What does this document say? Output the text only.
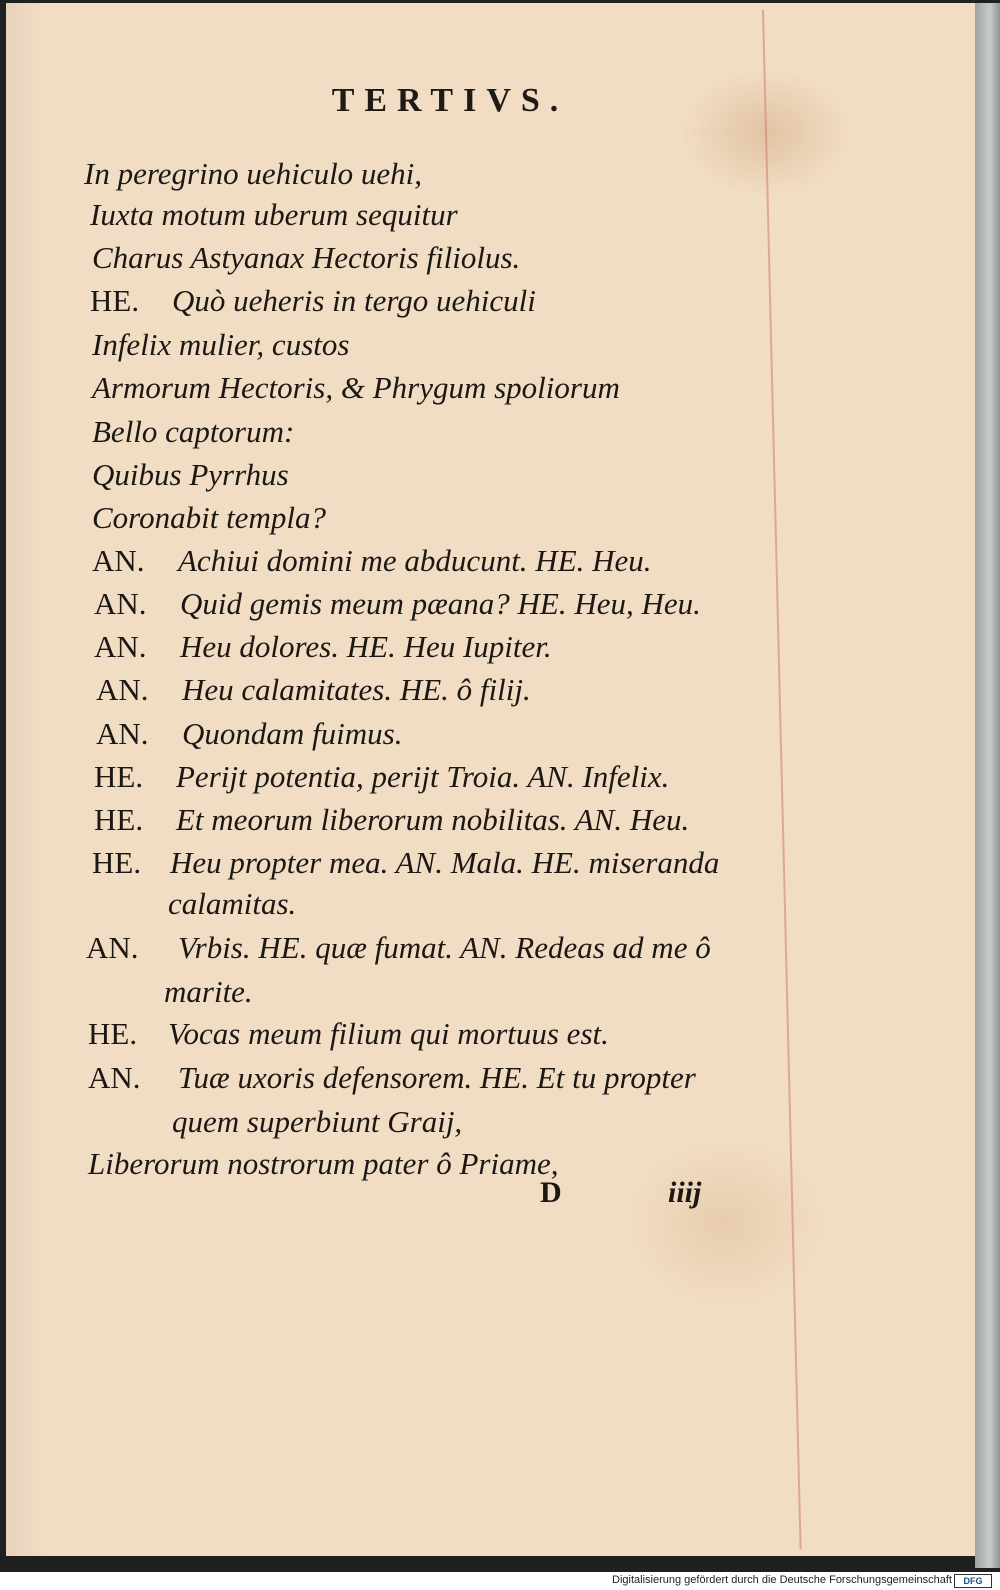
TERTIVS.
In peregrino uehiculo uehi,
Iuxta motum uberum sequitur
Charus Astyanax Hectoris filiolus.
HE. Quò ueheris in tergo uehiculi
Infelix mulier, custos
Armorum Hectoris, & Phrygum spoliorum
Bello captorum:
Quibus Pyrrhus
Coronabit templa?
AN. Achiui domini me abducunt. HE. Heu.
AN. Quid gemis meum pæana? HE. Heu, Heu.
AN. Heu dolores. HE. Heu Iupiter.
AN. Heu calamitates. HE. ô filij.
AN. Quondam fuimus.
HE. Perijt potentia, perijt Troia. AN. Infelix.
HE. Et meorum liberorum nobilitas. AN. Heu.
HE. Heu propter mea. AN. Mala. HE. miseranda
calamitas.
AN. Vrbis. HE. quæ fumat. AN. Redeas ad me ô
marite.
HE. Vocas meum filium qui mortuus est.
AN. Tuæ uxoris defensorem. HE. Et tu propter
quem superbiunt Graij,
Liberorum nostrorum pater ô Priame,
D	iiij
Digitalisierung gefördert durch die Deutsche Forschungsgemeinschaft	DFG
